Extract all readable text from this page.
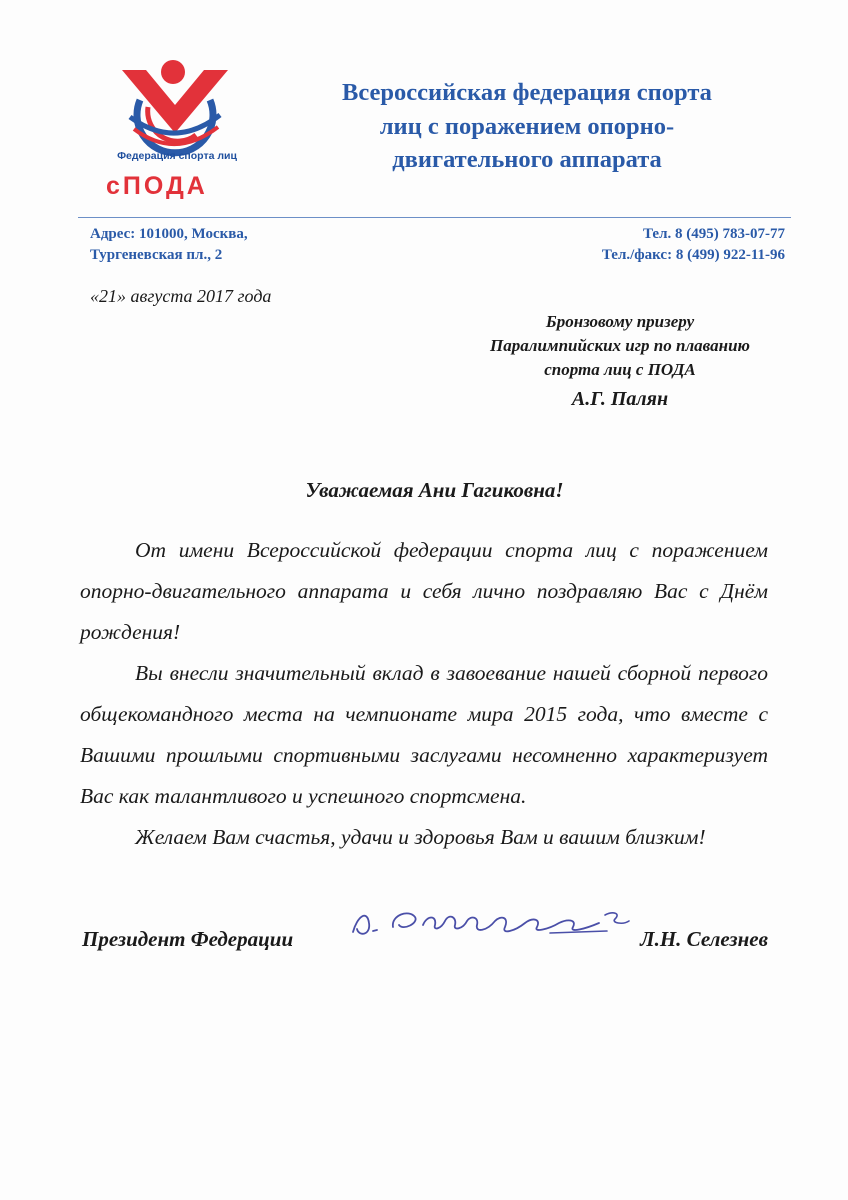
Федерация спорта лиц
сПОДА
Всероссийская федерация спорта
лиц с поражением опорно-
двигательного аппарата
Адрес: 101000, Москва,
Тургеневская пл., 2
Тел. 8 (495) 783-07-77
Тел./факс: 8 (499) 922-11-96
«21» августа 2017 года
Бронзовому призеру
Паралимпийских игр по плаванию
спорта лиц с ПОДА
А.Г. Палян
Уважаемая Ани Гагиковна!

От имени Всероссийской федерации спорта лиц с поражением опорно-двигательного аппарата и себя лично поздравляю Вас с Днём рождения!

Вы внесли значительный вклад в завоевание нашей сборной первого общекомандного места на чемпионате мира 2015 года, что вместе с Вашими прошлыми спортивными заслугами несомненно характеризует Вас как талантливого и успешного спортсмена.

Желаем Вам счастья, удачи и здоровья Вам и вашим близким!

Президент Федерации	Л.Н. Селезнев
